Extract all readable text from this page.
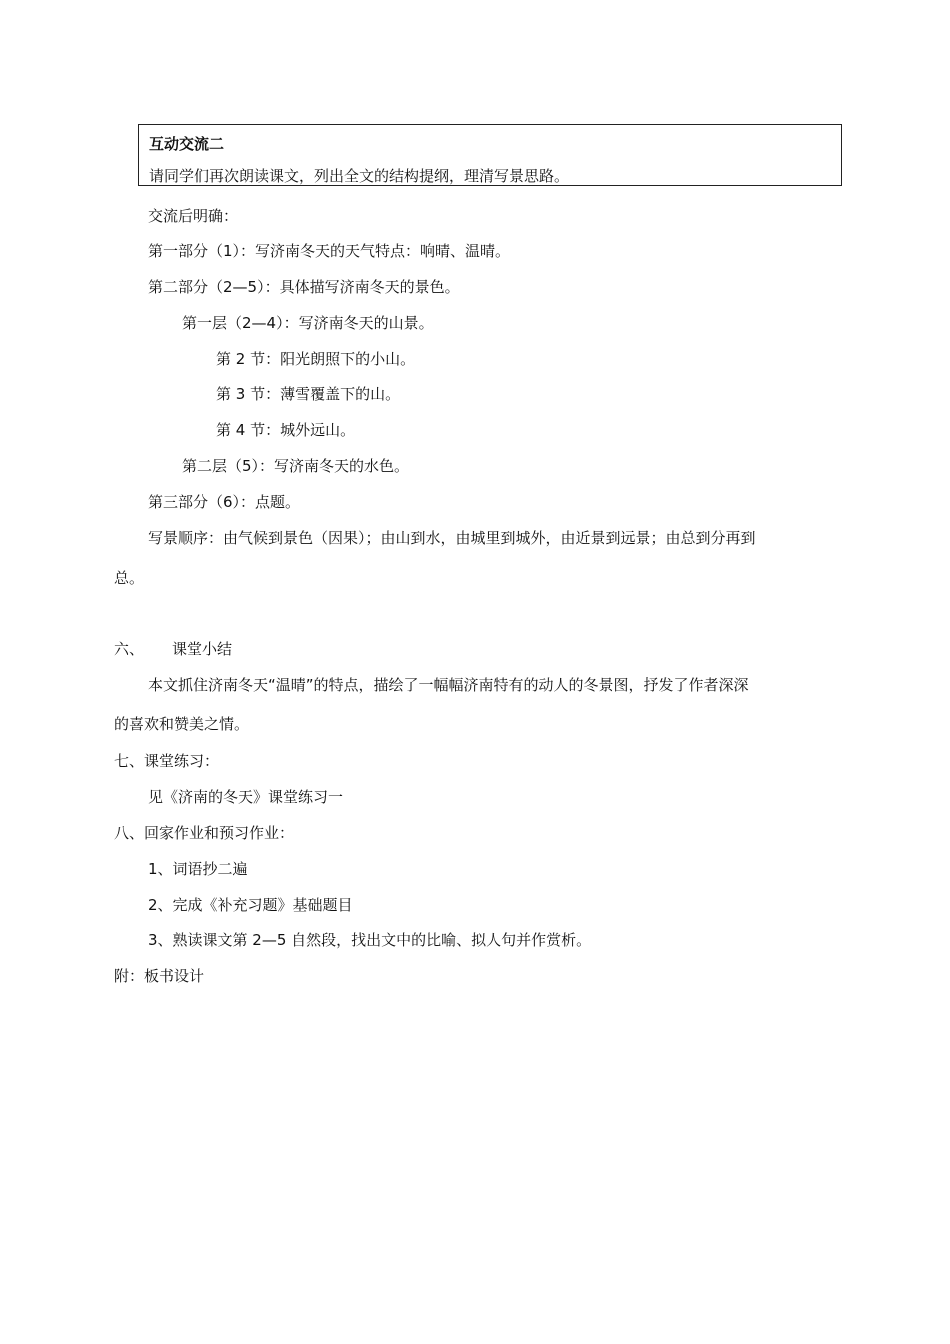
互动交流二
请同学们再次朗读课文，列出全文的结构提纲，理清写景思路。
交流后明确：
第一部分（1）：写济南冬天的天气特点：响晴、温晴。
第二部分（2—5）：具体描写济南冬天的景色。
第一层（2—4）：写济南冬天的山景。
第 2 节：阳光朗照下的小山。
第 3 节：薄雪覆盖下的山。
第 4 节：城外远山。
第二层（5）：写济南冬天的水色。
第三部分（6）：点题。
写景顺序：由气候到景色（因果）；由山到水，由城里到城外，由近景到远景；由总到分再到
总。
六、 课堂小结
本文抓住济南冬天“温晴”的特点，描绘了一幅幅济南特有的动人的冬景图，抒发了作者深深
的喜欢和赞美之情。
七、课堂练习：
见《济南的冬天》课堂练习一
八、回家作业和预习作业：
1、词语抄二遍
2、完成《补充习题》基础题目
3、熟读课文第 2—5 自然段，找出文中的比喻、拟人句并作赏析。
附：板书设计
